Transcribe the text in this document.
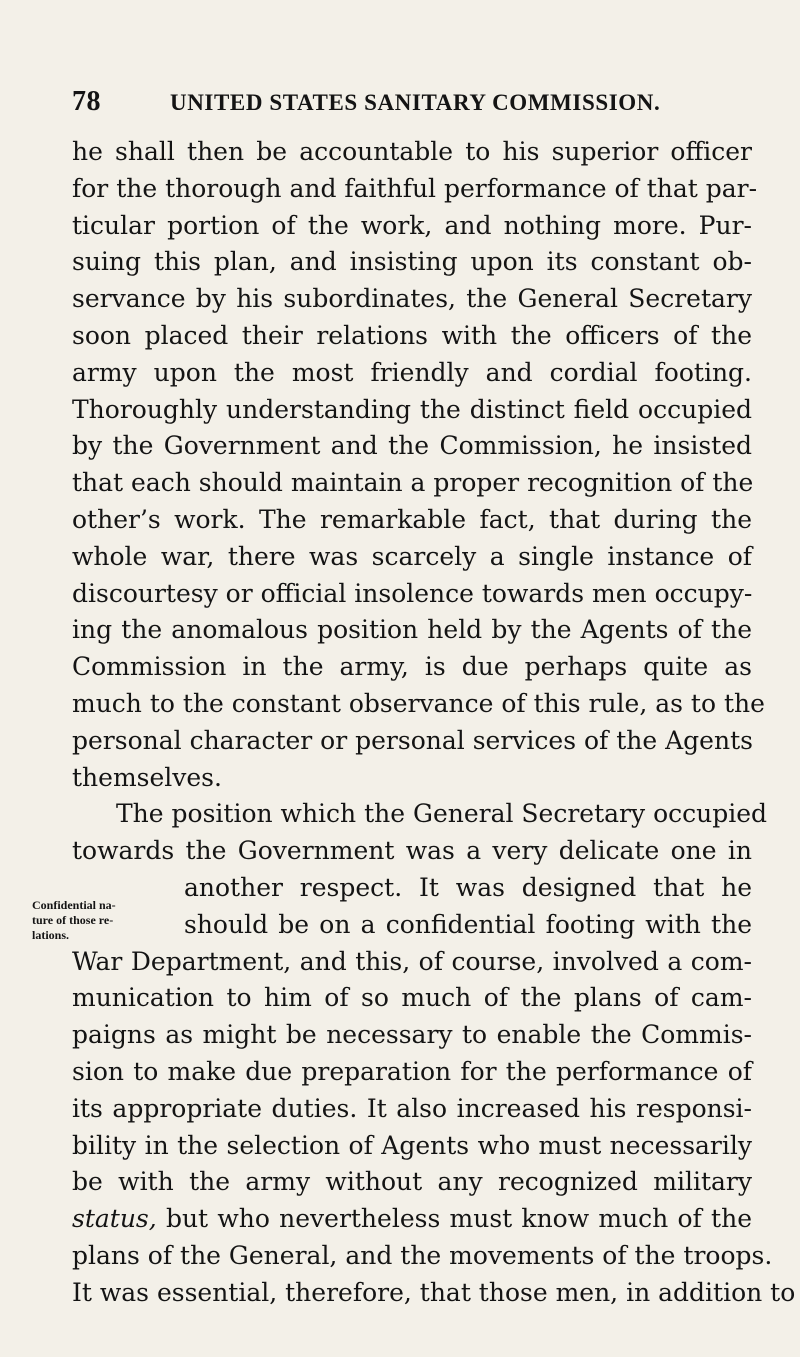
78	UNITED STATES SANITARY COMMISSION.
Confidential na-
ture of those re-
lations.
he shall then be accountable to his superior officer
for the thorough and faithful performance of that par-
ticular portion of the work, and nothing more. Pur-
suing this plan, and insisting upon its constant ob-
servance by his subordinates, the General Secretary
soon placed their relations with the officers of the
army upon the most friendly and cordial footing.
Thoroughly understanding the distinct field occupied
by the Government and the Commission, he insisted
that each should maintain a proper recognition of the
other’s work. The remarkable fact, that during the
whole war, there was scarcely a single instance of
discourtesy or official insolence towards men occupy-
ing the anomalous position held by the Agents of the
Commission in the army, is due perhaps quite as
much to the constant observance of this rule, as to the
personal character or personal services of the Agents
themselves.
The position which the General Secretary occupied
towards the Government was a very delicate one in
another respect. It was designed that he
should be on a confidential footing with the
War Department, and this, of course, involved a com-
munication to him of so much of the plans of cam-
paigns as might be necessary to enable the Commis-
sion to make due preparation for the performance of
its appropriate duties. It also increased his responsi-
bility in the selection of Agents who must necessarily
be with the army without any recognized military
status, but who nevertheless must know much of the
plans of the General, and the movements of the troops.
It was essential, therefore, that those men, in addition to
